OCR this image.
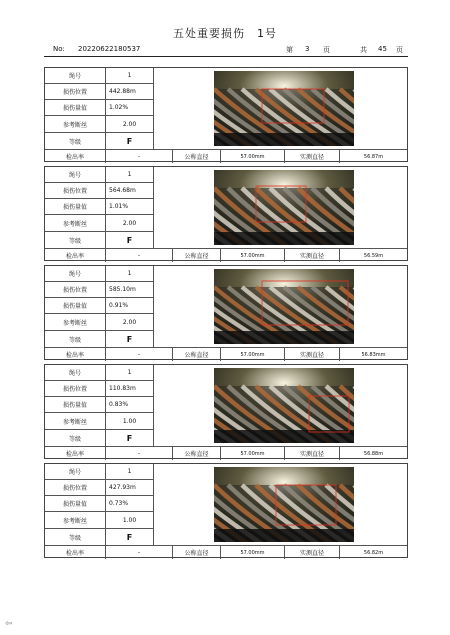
五处重要损伤　1号
No: 20220622180537	第 3 页	共 45 页
绳号	1
损伤位置	442.88m
损伤量值	1.02%
参考断丝	2.00
等级	F
检出率	-	公称直径	57.00mm	实测直径	56.87m
绳号	1
损伤位置	564.68m
损伤量值	1.01%
参考断丝	2.00
等级	F
检出率	-	公称直径	57.00mm	实测直径	56.59m
绳号	1
损伤位置	585.10m
损伤量值	0.91%
参考断丝	2.00
等级	F
检出率	-	公称直径	57.00mm	实测直径	56.83mm
绳号	1
损伤位置	110.83m
损伤量值	0.83%
参考断丝	1.00
等级	F
检出率	-	公称直径	57.00mm	实测直径	56.88m
绳号	1
损伤位置	427.93m
损伤量值	0.73%
参考断丝	1.00
等级	F
检出率	-	公称直径	57.00mm	实测直径	56.82m
⇦
